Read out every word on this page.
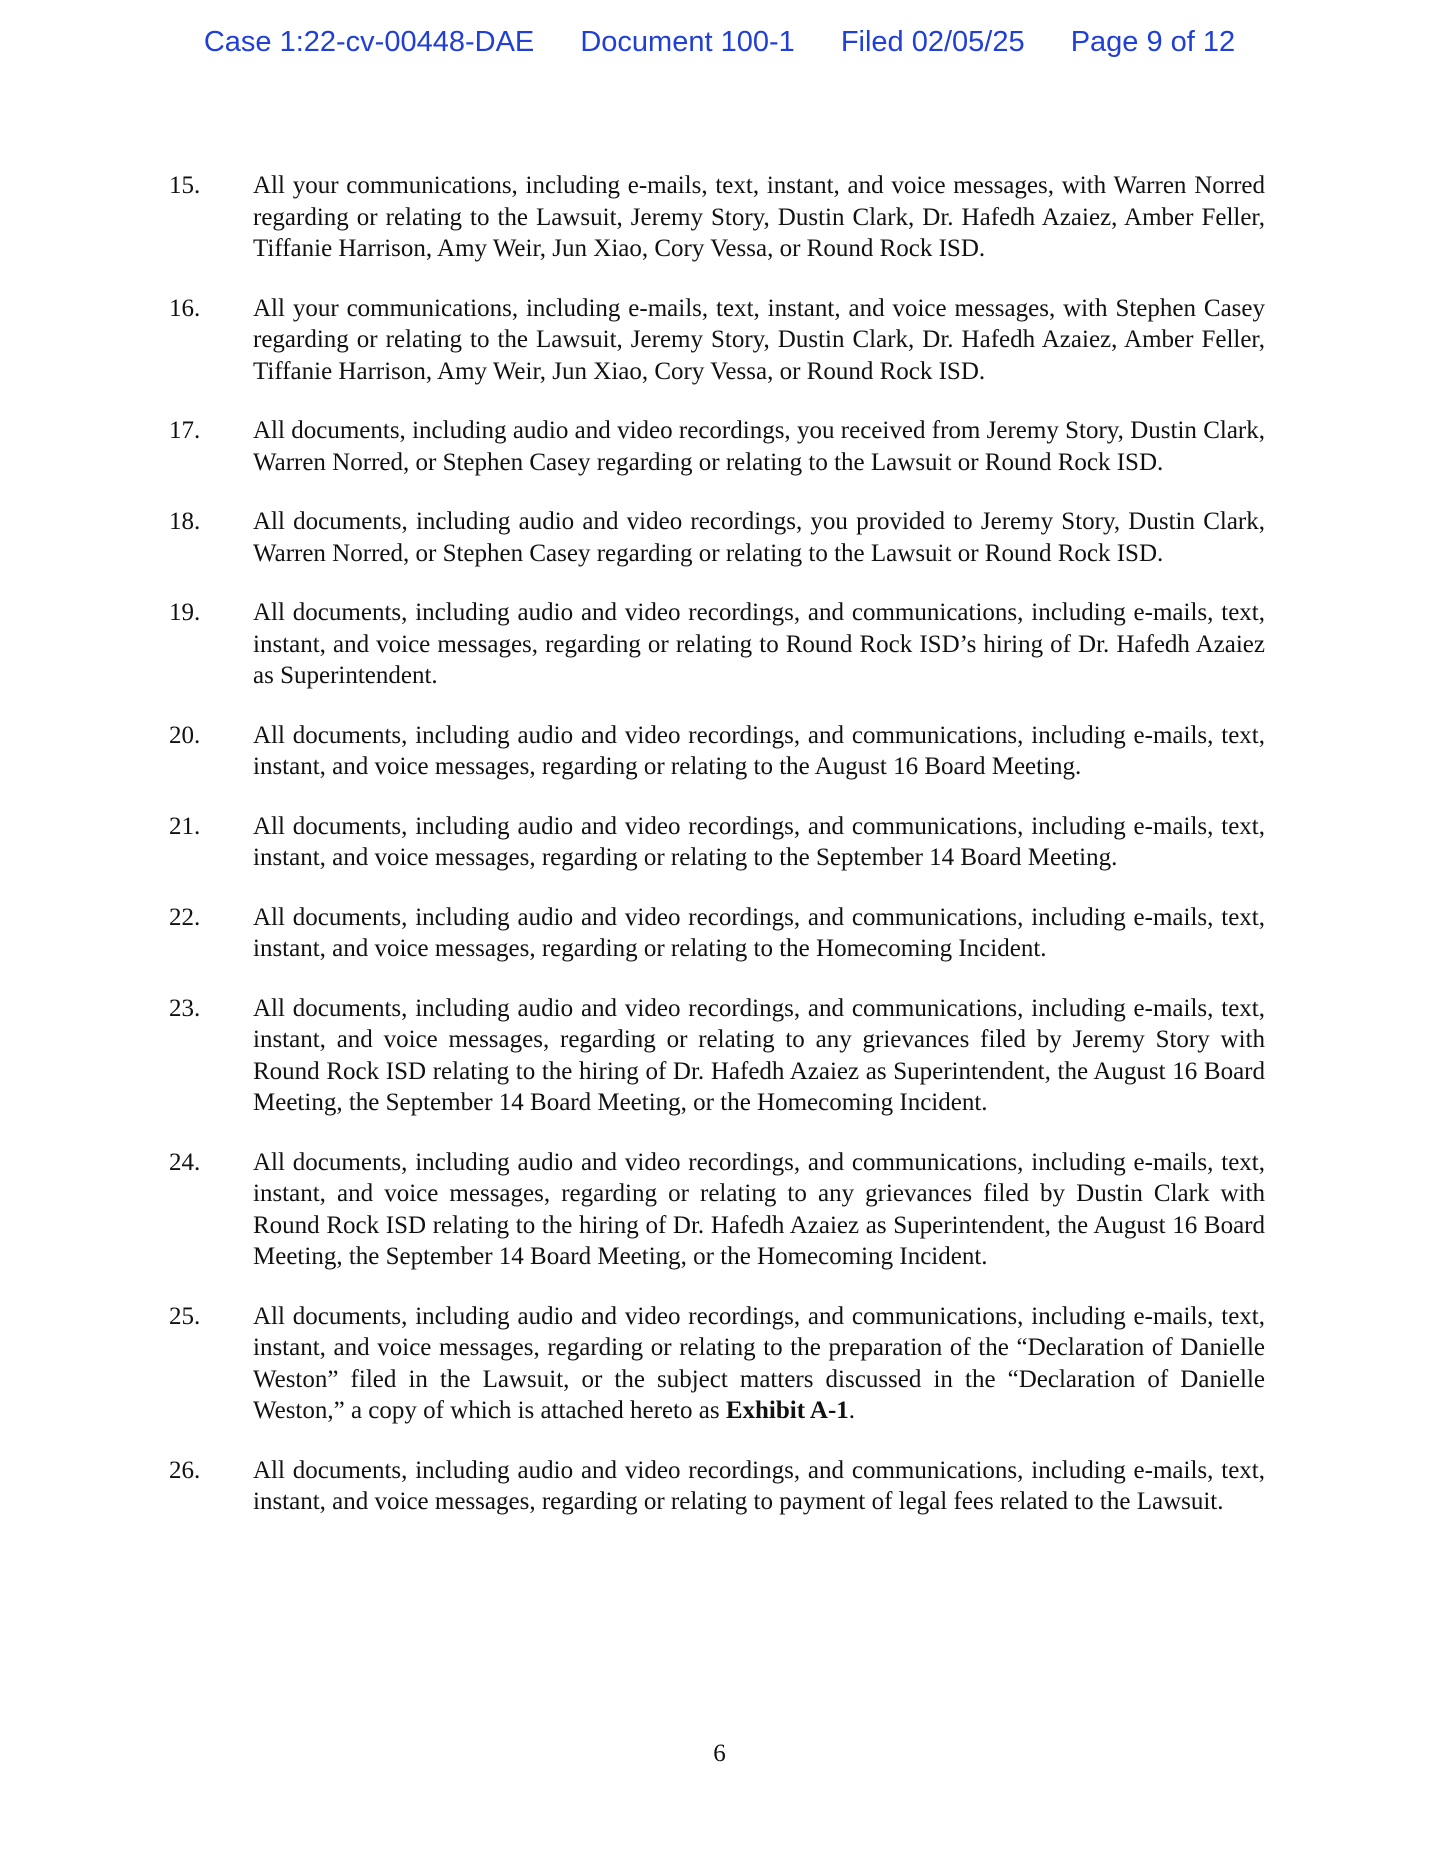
Case 1:22-cv-00448-DAE Document 100-1 Filed 02/05/25 Page 9 of 12
15. All your communications, including e-mails, text, instant, and voice messages, with Warren Norred regarding or relating to the Lawsuit, Jeremy Story, Dustin Clark, Dr. Hafedh Azaiez, Amber Feller, Tiffanie Harrison, Amy Weir, Jun Xiao, Cory Vessa, or Round Rock ISD.
16. All your communications, including e-mails, text, instant, and voice messages, with Stephen Casey regarding or relating to the Lawsuit, Jeremy Story, Dustin Clark, Dr. Hafedh Azaiez, Amber Feller, Tiffanie Harrison, Amy Weir, Jun Xiao, Cory Vessa, or Round Rock ISD.
17. All documents, including audio and video recordings, you received from Jeremy Story, Dustin Clark, Warren Norred, or Stephen Casey regarding or relating to the Lawsuit or Round Rock ISD.
18. All documents, including audio and video recordings, you provided to Jeremy Story, Dustin Clark, Warren Norred, or Stephen Casey regarding or relating to the Lawsuit or Round Rock ISD.
19. All documents, including audio and video recordings, and communications, including e-mails, text, instant, and voice messages, regarding or relating to Round Rock ISD’s hiring of Dr. Hafedh Azaiez as Superintendent.
20. All documents, including audio and video recordings, and communications, including e-mails, text, instant, and voice messages, regarding or relating to the August 16 Board Meeting.
21. All documents, including audio and video recordings, and communications, including e-mails, text, instant, and voice messages, regarding or relating to the September 14 Board Meeting.
22. All documents, including audio and video recordings, and communications, including e-mails, text, instant, and voice messages, regarding or relating to the Homecoming Incident.
23. All documents, including audio and video recordings, and communications, including e-mails, text, instant, and voice messages, regarding or relating to any grievances filed by Jeremy Story with Round Rock ISD relating to the hiring of Dr. Hafedh Azaiez as Superintendent, the August 16 Board Meeting, the September 14 Board Meeting, or the Homecoming Incident.
24. All documents, including audio and video recordings, and communications, including e-mails, text, instant, and voice messages, regarding or relating to any grievances filed by Dustin Clark with Round Rock ISD relating to the hiring of Dr. Hafedh Azaiez as Superintendent, the August 16 Board Meeting, the September 14 Board Meeting, or the Homecoming Incident.
25. All documents, including audio and video recordings, and communications, including e-mails, text, instant, and voice messages, regarding or relating to the preparation of the “Declaration of Danielle Weston” filed in the Lawsuit, or the subject matters discussed in the “Declaration of Danielle Weston,” a copy of which is attached hereto as Exhibit A-1.
26. All documents, including audio and video recordings, and communications, including e-mails, text, instant, and voice messages, regarding or relating to payment of legal fees related to the Lawsuit.
6
